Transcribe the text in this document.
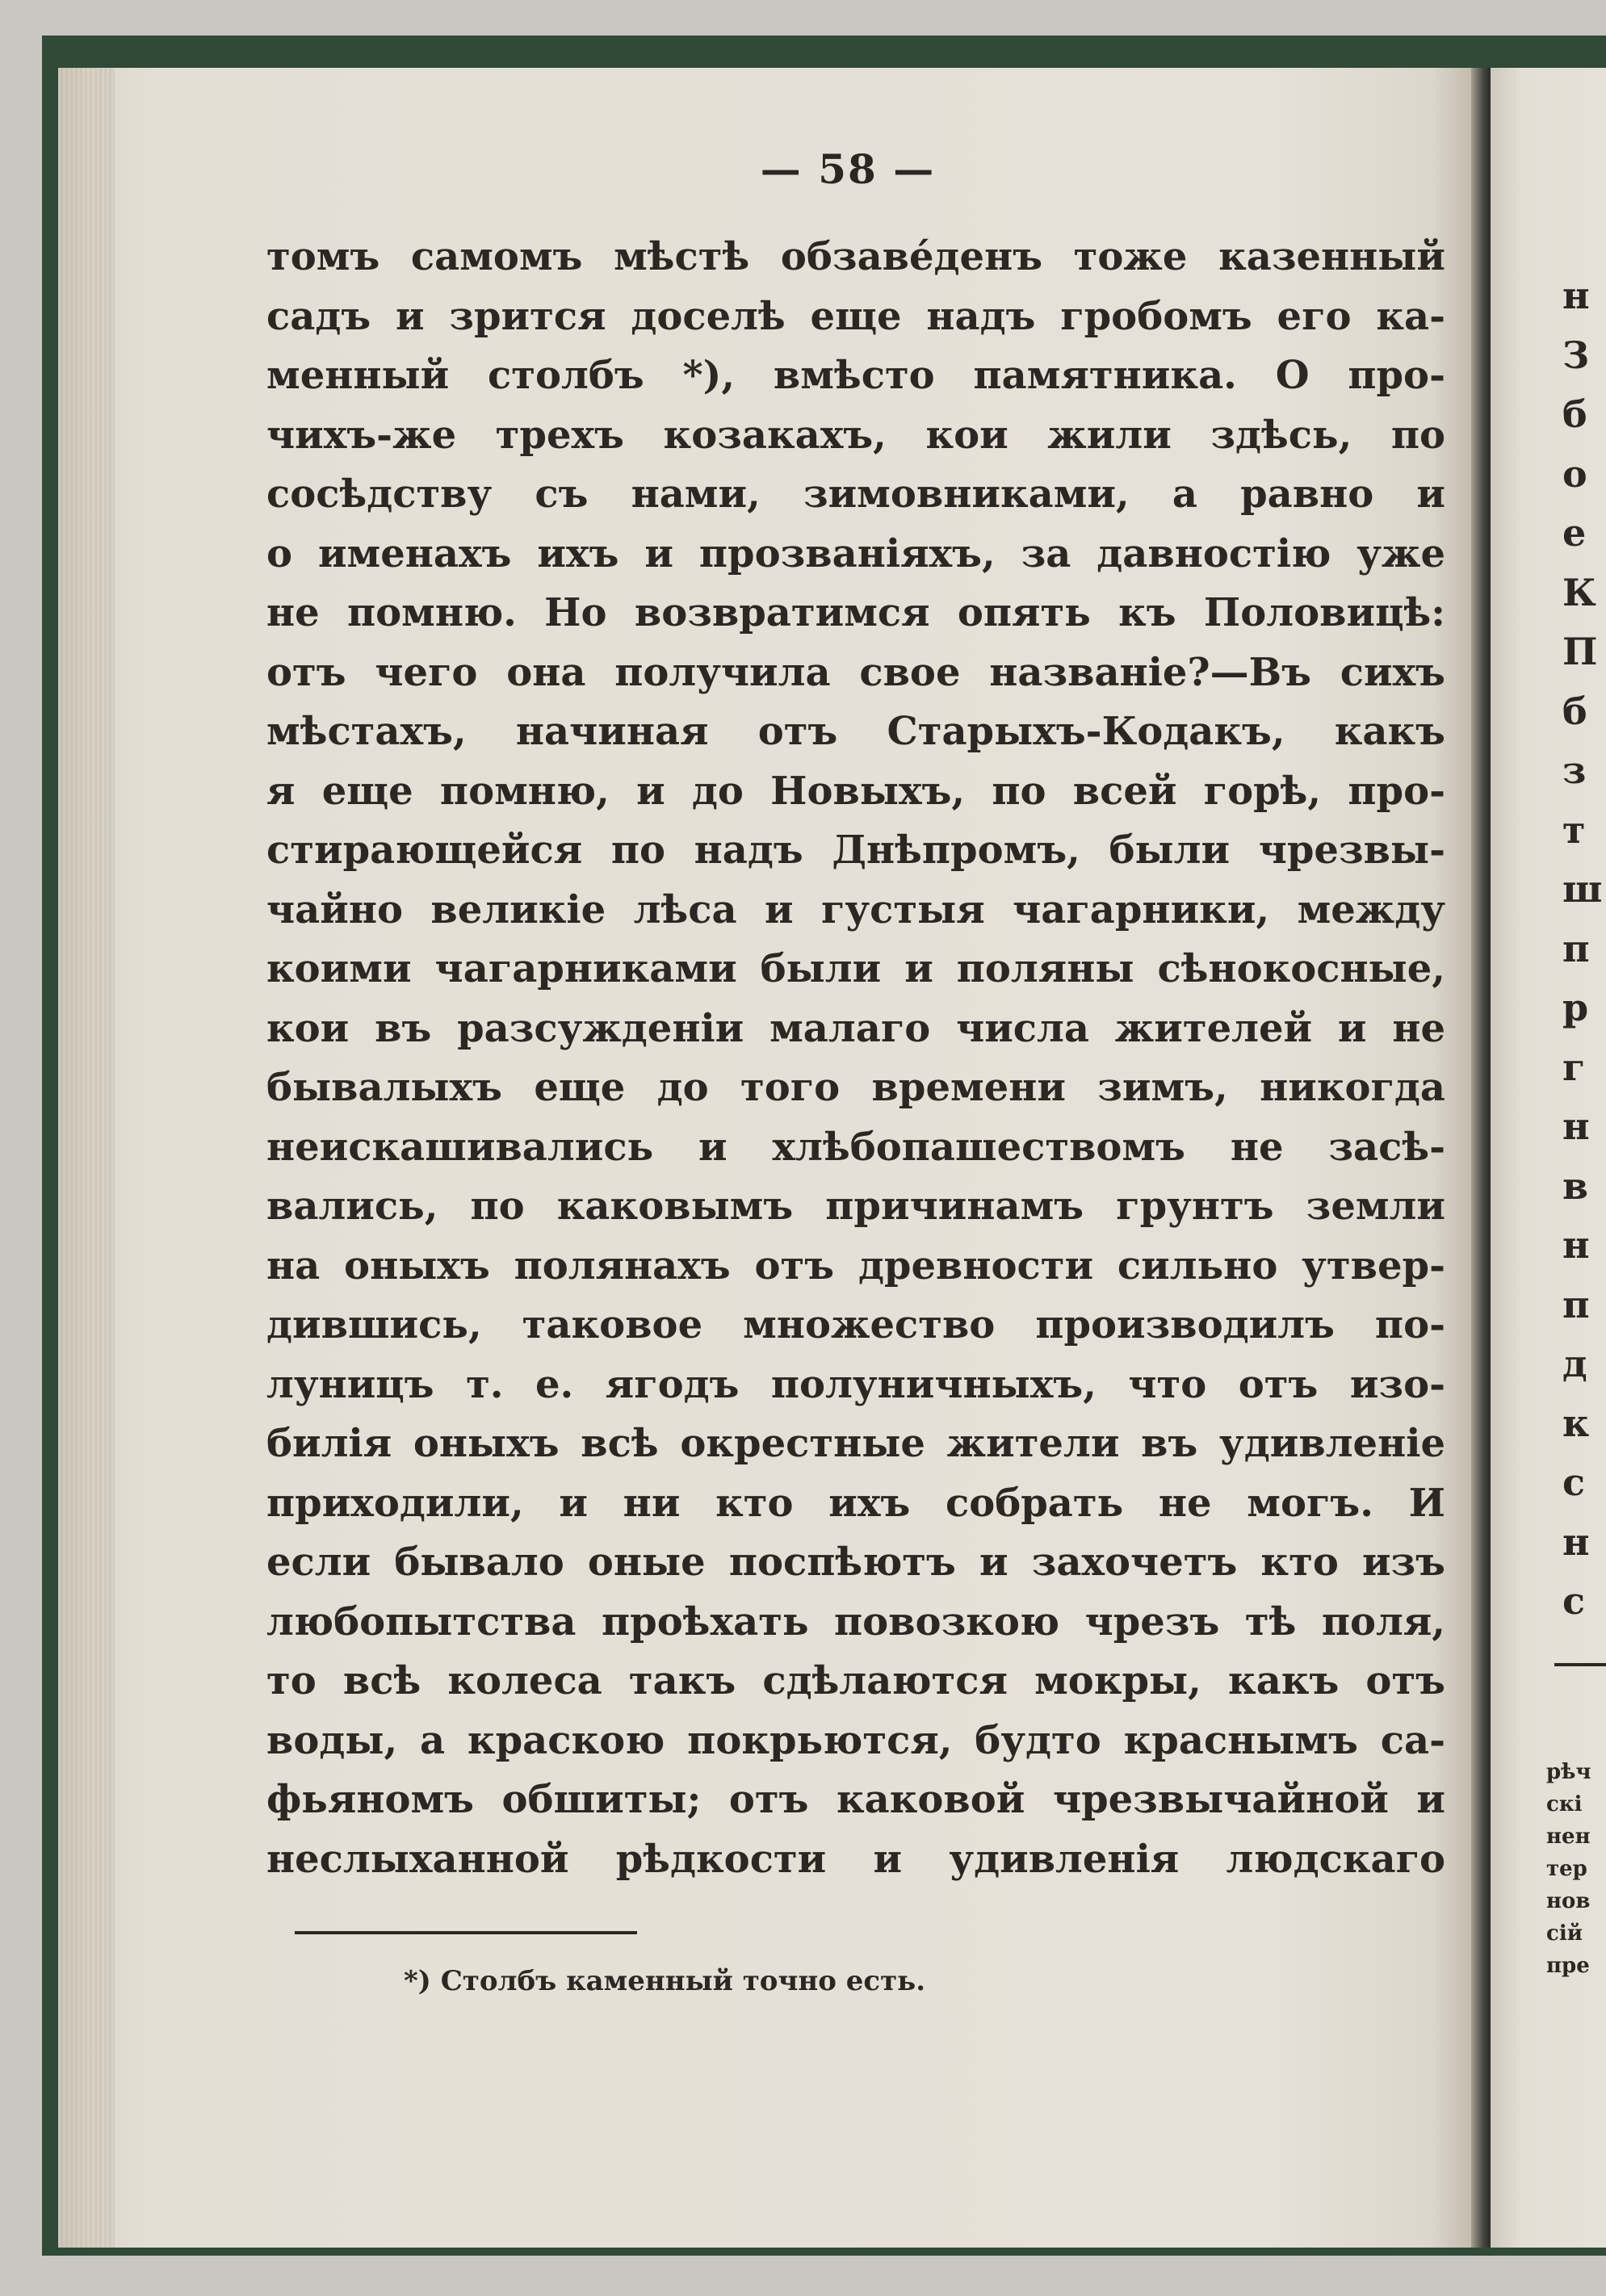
— 58 —
томъ самомъ мѣстѣ обзаве́денъ тоже казенный
садъ и зрится доселѣ еще надъ гробомъ его ка-
менный столбъ *), вмѣсто памятника. О про-
чихъ-же трехъ козакахъ, кои жили здѣсь, по
сосѣдству съ нами, зимовниками, а равно и
о именахъ ихъ и прозваніяхъ, за давностію уже
не помню. Но возвратимся опять къ Половицѣ:
отъ чего она получила свое названіе?—Въ сихъ
мѣстахъ, начиная отъ Старыхъ-Кодакъ, какъ
я еще помню, и до Новыхъ, по всей горѣ, про-
стирающейся по надъ Днѣпромъ, были чрезвы-
чайно великіе лѣса и густыя чагарники, между
коими чагарниками были и поляны сѣнокосные,
кои въ разсужденіи малаго числа жителей и не
бывалыхъ еще до того времени зимъ, никогда
неискашивались и хлѣбопашествомъ не засѣ-
вались, по каковымъ причинамъ грунтъ земли
на оныхъ полянахъ отъ древности сильно утвер-
дившись, таковое множество производилъ по-
луницъ т. е. ягодъ полуничныхъ, что отъ изо-
билія оныхъ всѣ окрестные жители въ удивленіе
приходили, и ни кто ихъ собрать не могъ. И
если бывало оные поспѣютъ и захочетъ кто изъ
любопытства проѣхать повозкою чрезъ тѣ поля,
то всѣ колеса такъ сдѣлаются мокры, какъ отъ
воды, а краскою покрьются, будто краснымъ са-
фьяномъ обшиты; отъ каковой чрезвычайной и
неслыханной рѣдкости и удивленія людскаго
*) Столбъ каменный точно есть.
н
З
б
о
е
К
П
б
з
т
ш
п
р
г
н
в
н
п
д
к
с
н
с
рѣч
скі
нен
тер
нов
сій
пре
